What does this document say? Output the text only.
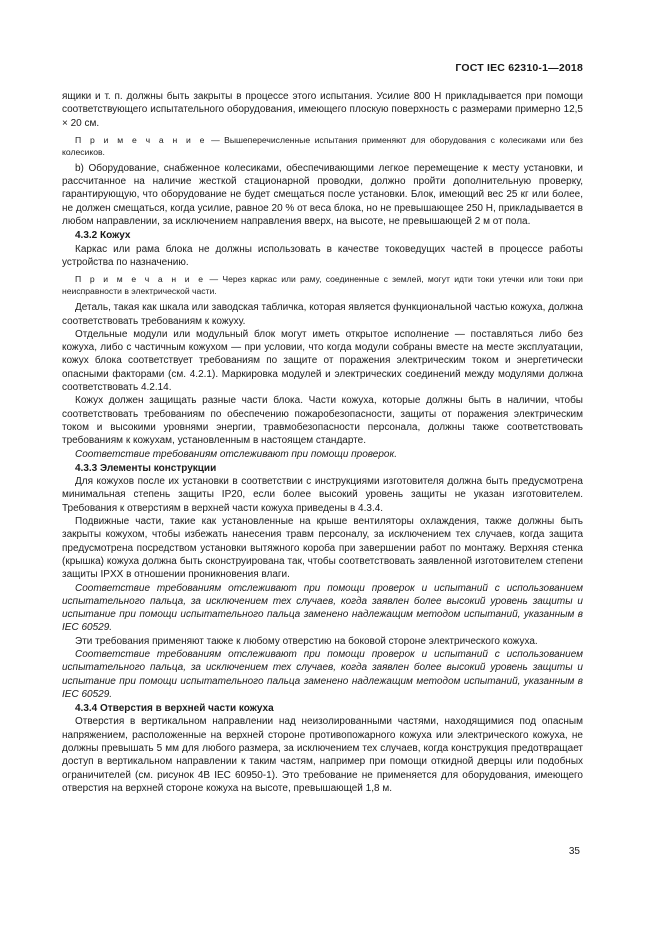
ГОСТ IEC 62310-1—2018

ящики и т. п. должны быть закрыты в процессе этого испытания. Усилие 800 Н прикладывается при помощи соответствующего испытательного оборудования, имеющего плоскую поверхность с размерами примерно 12,5 × 20 см.

П р и м е ч а н и е — Вышеперечисленные испытания применяют для оборудования с колесиками или без колесиков.

b) Оборудование, снабженное колесиками, обеспечивающими легкое перемещение к месту установки, и рассчитанное на наличие жесткой стационарной проводки, должно пройти дополнительную проверку, гарантирующую, что оборудование не будет смещаться после установки. Блок, имеющий вес 25 кг или более, не должен смещаться, когда усилие, равное 20 % от веса блока, но не превышающее 250 Н, прикладывается в любом направлении, за исключением направления вверх, на высоте, не превышающей 2 м от пола.

4.3.2 Кожух

Каркас или рама блока не должны использовать в качестве токоведущих частей в процессе работы устройства по назначению.

П р и м е ч а н и е — Через каркас или раму, соединенные с землей, могут идти токи утечки или токи при неисправности в электрической части.

Деталь, такая как шкала или заводская табличка, которая является функциональной частью кожуха, должна соответствовать требованиям к кожуху.

Отдельные модули или модульный блок могут иметь открытое исполнение — поставляться либо без кожуха, либо с частичным кожухом — при условии, что когда модули собраны вместе на месте эксплуатации, кожух блока соответствует требованиям по защите от поражения электрическим током и энергетически опасными факторами (см. 4.2.1). Маркировка модулей и электрических соединений между модулями должна соответствовать 4.2.14.

Кожух должен защищать разные части блока. Части кожуха, которые должны быть в наличии, чтобы соответствовать требованиям по обеспечению пожаробезопасности, защиты от поражения электрическим током и высокими уровнями энергии, травмобезопасности персонала, должны также соответствовать требованиям к кожухам, установленным в настоящем стандарте.

Соответствие требованиям отслеживают при помощи проверок.

4.3.3 Элементы конструкции

Для кожухов после их установки в соответствии с инструкциями изготовителя должна быть предусмотрена минимальная степень защиты IP20, если более высокий уровень защиты не указан изготовителем. Требования к отверстиям в верхней части кожуха приведены в 4.3.4.

Подвижные части, такие как установленные на крыше вентиляторы охлаждения, также должны быть закрыты кожухом, чтобы избежать нанесения травм персоналу, за исключением тех случаев, когда защита предусмотрена посредством установки вытяжного короба при завершении работ по монтажу. Верхняя стенка (крышка) кожуха должна быть сконструирована так, чтобы соответствовать заявленной изготовителем степени защиты IPXX в отношении проникновения влаги.

Соответствие требованиям отслеживают при помощи проверок и испытаний с использованием испытательного пальца, за исключением тех случаев, когда заявлен более высокий уровень защиты и испытание при помощи испытательного пальца заменено надлежащим методом испытаний, указанным в IEC 60529.

Эти требования применяют также к любому отверстию на боковой стороне электрического кожуха.

Соответствие требованиям отслеживают при помощи проверок и испытаний с использованием испытательного пальца, за исключением тех случаев, когда заявлен более высокий уровень защиты и испытание при помощи испытательного пальца заменено надлежащим методом испытаний, указанным в IEC 60529.

4.3.4 Отверстия в верхней части кожуха

Отверстия в вертикальном направлении над неизолированными частями, находящимися под опасным напряжением, расположенные на верхней стороне противопожарного кожуха или электрического кожуха, не должны превышать 5 мм для любого размера, за исключением тех случаев, когда конструкция предотвращает доступ в вертикальном направлении к таким частям, например при помощи откидной дверцы или подобных ограничителей (см. рисунок 4В IEC 60950-1). Это требование не применяется для оборудования, имеющего отверстия на верхней стороне кожуха на высоте, превышающей 1,8 м.

35
